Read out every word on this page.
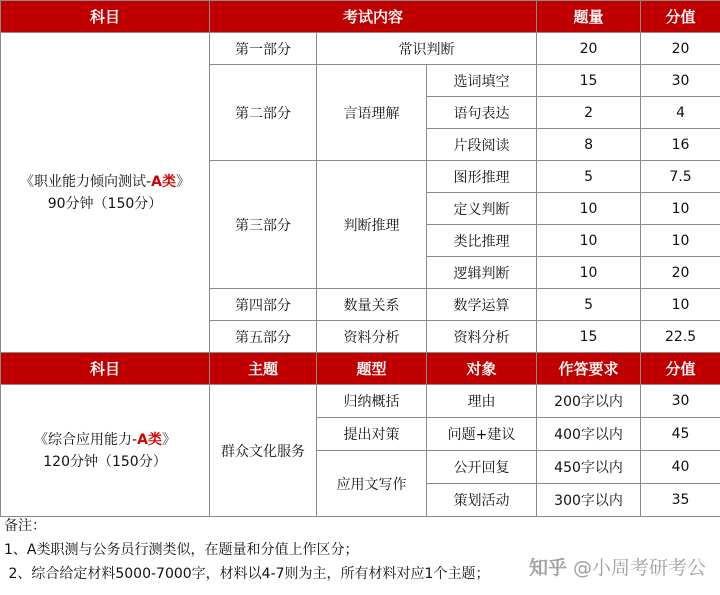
科目	考试内容			题量	分值

《职业能力倾向测试-A类》
90分钟（150分）	第一部分	常识判断		20	20
	第二部分	言语理解	选词填空	15	30
			语句表达	2	4
			片段阅读	8	16
	第三部分	判断推理	图形推理	5	7.5
			定义判断	10	10
			类比推理	10	10
			逻辑判断	10	20
	第四部分	数量关系	数学运算	5	10
	第五部分	资料分析	资料分析	15	22.5
科目	主题	题型	对象	作答要求	分值

《综合应用能力-A类》
120分钟（150分）	群众文化服务	归纳概括	理由	200字以内	30
		提出对策	问题+建议	400字以内	45
		应用文写作	公开回复	450字以内	40
			策划活动	300字以内	35
备注：
1、A类职测与公务员行测类似，在题量和分值上作区分；
2、综合给定材料5000-7000字，材料以4-7则为主，所有材料对应1个主题；	知乎 @小周考研考公
